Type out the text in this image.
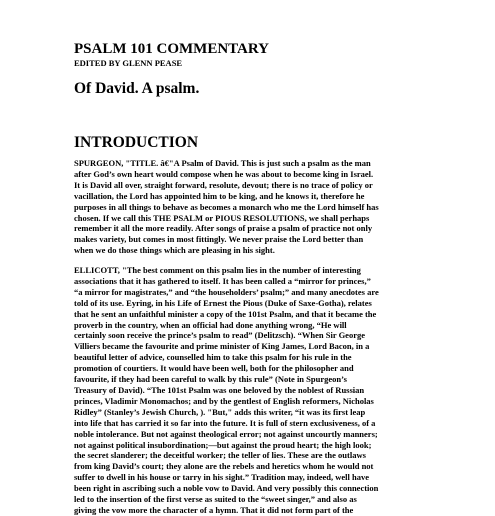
PSALM 101 COMMENTARY
EDITED BY GLENN PEASE
Of David. A psalm.
INTRODUCTION
SPURGEON, "TITLE. â€"A Psalm of David. This is just such a psalm as the man
after God’s own heart would compose when he was about to become king in Israel.
It is David all over, straight forward, resolute, devout; there is no trace of policy or
vacillation, the Lord has appointed him to be king, and he knows it, therefore he
purposes in all things to behave as becomes a monarch who me the Lord himself has
chosen. If we call this THE PSALM or PIOUS RESOLUTIONS, we shall perhaps
remember it all the more readily. After songs of praise a psalm of practice not only
makes variety, but comes in most fittingly. We never praise the Lord better than
when we do those things which are pleasing in his sight.
ELLICOTT, "The best comment on this psalm lies in the number of interesting
associations that it has gathered to itself. It has been called a “mirror for princes,”
“a mirror for magistrates,” and “the householders’ psalm;” and many anecdotes are
told of its use. Eyring, in his Life of Ernest the Pious (Duke of Saxe-Gotha), relates
that he sent an unfaithful minister a copy of the 101st Psalm, and that it became the
proverb in the country, when an official had done anything wrong, “He will
certainly soon receive the prince’s psalm to read” (Delitzsch). “When Sir George
Villiers became the favourite and prime minister of King James, Lord Bacon, in a
beautiful letter of advice, counselled him to take this psalm for his rule in the
promotion of courtiers. It would have been well, both for the philosopher and
favourite, if they had been careful to walk by this rule” (Note in Spurgeon’s
Treasury of David). “The 101st Psalm was one beloved by the noblest of Russian
princes, Vladimir Monomachos; and by the gentlest of English reformers, Nicholas
Ridley” (Stanley’s Jewish Church, ). "But," adds this writer, “it was its first leap
into life that has carried it so far into the future. It is full of stern exclusiveness, of a
noble intolerance. But not against theological error; not against uncourtly manners;
not against political insubordination;—but against the proud heart; the high look;
the secret slanderer; the deceitful worker; the teller of lies. These are the outlaws
from king David’s court; they alone are the rebels and heretics whom he would not
suffer to dwell in his house or tarry in his sight.” Tradition may, indeed, well have
been right in ascribing such a noble vow to David. And very possibly this connection
led to the insertion of the first verse as suited to the “sweet singer,” and also as
giving the vow more the character of a hymn. That it did not form part of the
